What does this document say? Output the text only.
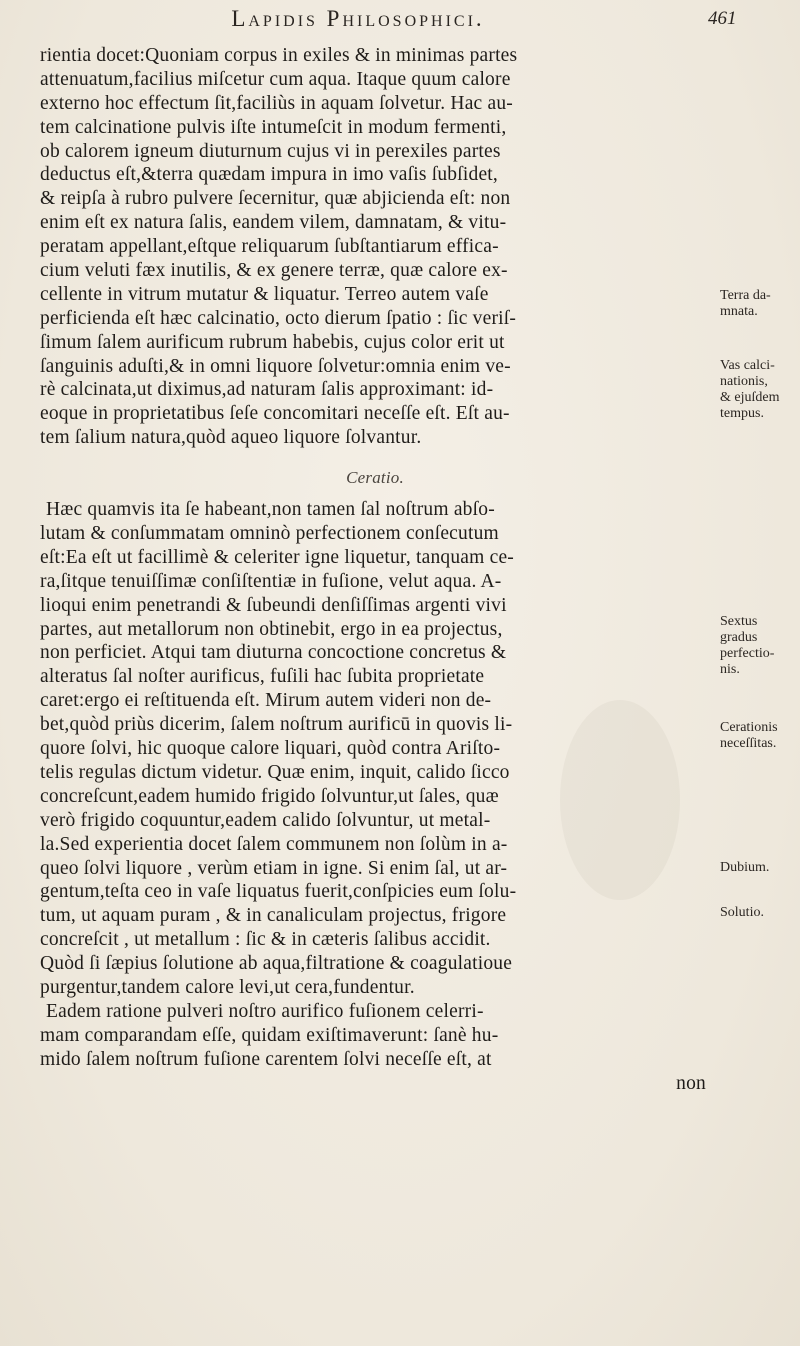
Lapidis Philosophici.	461
rientia docet:Quoniam corpus in exiles & in minimas partes
attenuatum,facilius miſcetur cum aqua. Itaque quum calore
externo hoc effectum ſit,faciliùs in aquam ſolvetur. Hac au-
tem calcinatione pulvis iſte intumeſcit in modum fermenti,
ob calorem igneum diuturnum cujus vi in perexiles partes
deductus eſt,&terra quædam impura in imo vaſis ſubſidet,
& reipſa à rubro pulvere ſecernitur, quæ abjicienda eſt: non
enim eſt ex natura ſalis, eandem vilem, damnatam, & vitu-
peratam appellant,eſtque reliquarum ſubſtantiarum effica-
cium veluti fæx inutilis, & ex genere terræ, quæ calore ex-
cellente in vitrum mutatur & liquatur. Terreo autem vaſe
perficienda eſt hæc calcinatio, octo dierum ſpatio : ſic veriſ-
ſimum ſalem aurificum rubrum habebis, cujus color erit ut
ſanguinis aduſti,& in omni liquore ſolvetur:omnia enim ve-
rè calcinata,ut diximus,ad naturam ſalis approximant: id-
eoque in proprietatibus ſeſe concomitari neceſſe eſt. Eſt au-
tem ſalium natura,quòd aqueo liquore ſolvantur.
Ceratio.
Hæc quamvis ita ſe habeant,non tamen ſal noſtrum abſo-
lutam & conſummatam omninò perfectionem conſecutum
eſt:Ea eſt ut facillimè & celeriter igne liquetur, tanquam ce-
ra,ſitque tenuiſſimæ conſiſtentiæ in fuſione, velut aqua. A-
lioqui enim penetrandi & ſubeundi denſiſſimas argenti vivi
partes, aut metallorum non obtinebit, ergo in ea projectus,
non perficiet. Atqui tam diuturna concoctione concretus &
alteratus ſal noſter aurificus, fuſili hac ſubita proprietate
caret:ergo ei reſtituenda eſt. Mirum autem videri non de-
bet,quòd priùs dicerim, ſalem noſtrum aurificū in quovis li-
quore ſolvi, hic quoque calore liquari, quòd contra Ariſto-
telis regulas dictum videtur. Quæ enim, inquit, calido ſicco
concreſcunt,eadem humido frigido ſolvuntur,ut ſales, quæ
verò frigido coquuntur,eadem calido ſolvuntur, ut metal-
la.Sed experientia docet ſalem communem non ſolùm in a-
queo ſolvi liquore , verùm etiam in igne. Si enim ſal, ut ar-
gentum,teſta ceo in vaſe liquatus fuerit,conſpicies eum ſolu-
tum, ut aquam puram , & in canaliculam projectus, frigore
concreſcit , ut metallum : ſic & in cæteris ſalibus accidit.
Quòd ſi ſæpius ſolutione ab aqua,filtratione & coagulatioue
purgentur,tandem calore levi,ut cera,fundentur.
Eadem ratione pulveri noſtro aurifico fuſionem celerri-
mam comparandam eſſe, quidam exiſtimaverunt: ſanè hu-
mido ſalem noſtrum fuſione carentem ſolvi neceſſe eſt, at
non
Terra da-
mnata.
Vas calci-
nationis,
& ejuſdem
tempus.
Sextus
gradus
perfectio-
nis.
Cerationis
neceſſitas.
Dubium.
Solutio.
